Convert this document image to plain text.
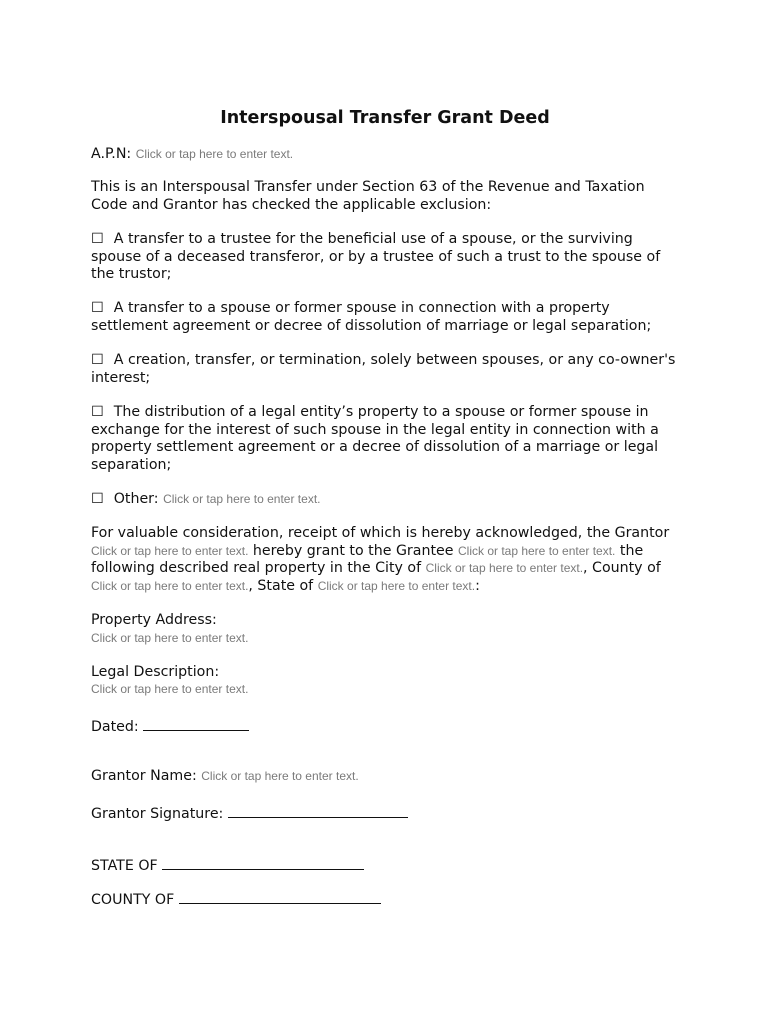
Interspousal Transfer Grant Deed
A.P.N: Click or tap here to enter text.
This is an Interspousal Transfer under Section 63 of the Revenue and Taxation Code and Grantor has checked the applicable exclusion:
☐ A transfer to a trustee for the beneficial use of a spouse, or the surviving spouse of a deceased transferor, or by a trustee of such a trust to the spouse of the trustor;
☐ A transfer to a spouse or former spouse in connection with a property settlement agreement or decree of dissolution of marriage or legal separation;
☐ A creation, transfer, or termination, solely between spouses, or any co-owner's interest;
☐ The distribution of a legal entity’s property to a spouse or former spouse in exchange for the interest of such spouse in the legal entity in connection with a property settlement agreement or a decree of dissolution of a marriage or legal separation;
☐ Other: Click or tap here to enter text.
For valuable consideration, receipt of which is hereby acknowledged, the Grantor Click or tap here to enter text. hereby grant to the Grantee Click or tap here to enter text. the following described real property in the City of Click or tap here to enter text., County of Click or tap here to enter text., State of Click or tap here to enter text.:
Property Address:
Click or tap here to enter text.
Legal Description:
Click or tap here to enter text.
Dated:
Grantor Name: Click or tap here to enter text.
Grantor Signature:
STATE OF
COUNTY OF
